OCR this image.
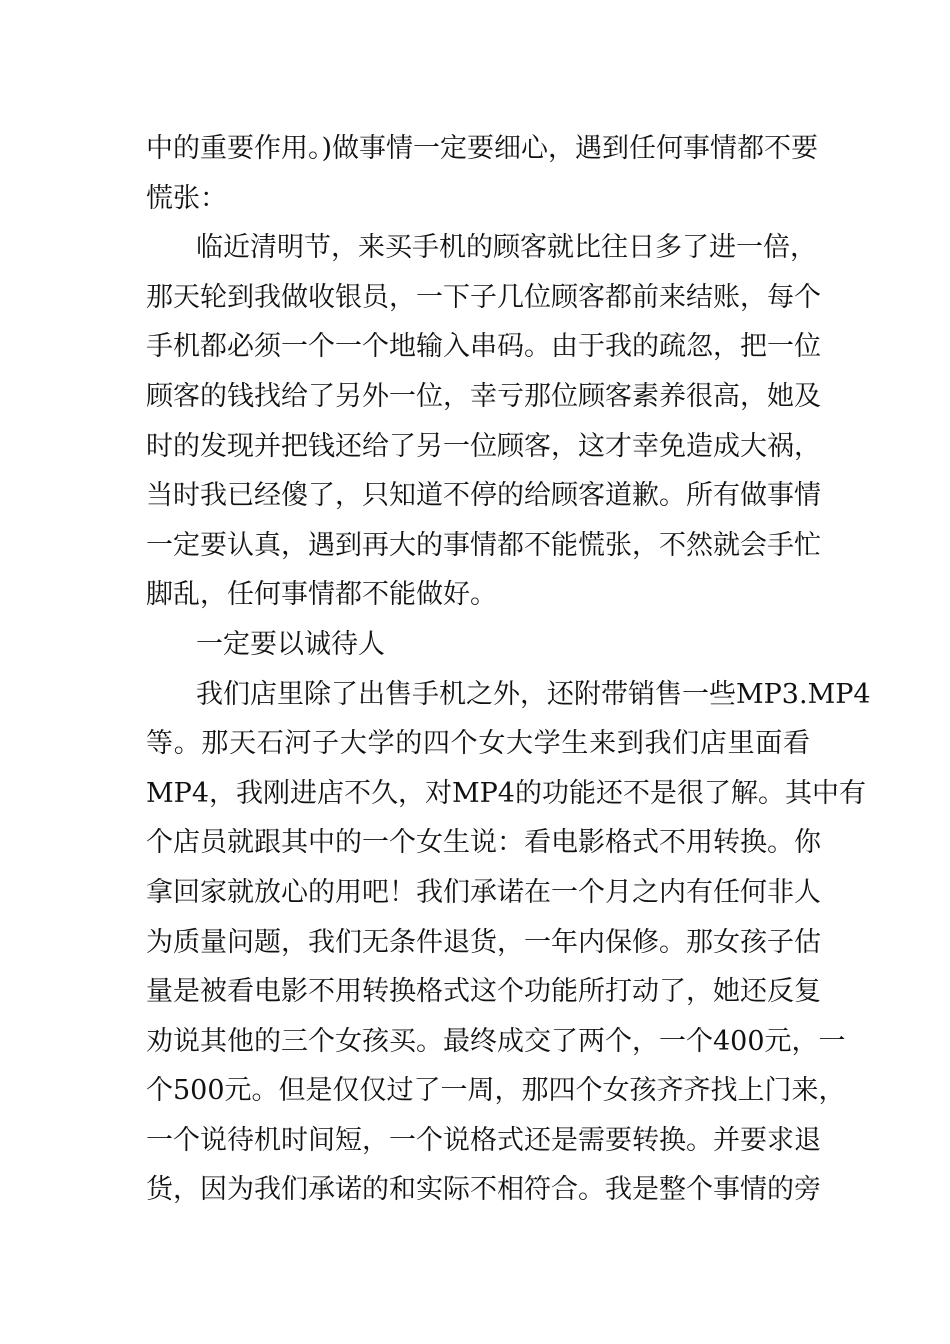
中的重要作用。)做事情一定要细心，遇到任何事情都不要
慌张：
临近清明节，来买手机的顾客就比往日多了进一倍，
那天轮到我做收银员，一下子几位顾客都前来结账，每个
手机都必须一个一个地输入串码。由于我的疏忽，把一位
顾客的钱找给了另外一位，幸亏那位顾客素养很高，她及
时的发现并把钱还给了另一位顾客，这才幸免造成大祸，
当时我已经傻了，只知道不停的给顾客道歉。所有做事情
一定要认真，遇到再大的事情都不能慌张，不然就会手忙
脚乱，任何事情都不能做好。
一定要以诚待人
我们店里除了出售手机之外，还附带销售一些MP3.MP4
等。那天石河子大学的四个女大学生来到我们店里面看
MP4，我刚进店不久，对MP4的功能还不是很了解。其中有
个店员就跟其中的一个女生说：看电影格式不用转换。你
拿回家就放心的用吧！我们承诺在一个月之内有任何非人
为质量问题，我们无条件退货，一年内保修。那女孩子估
量是被看电影不用转换格式这个功能所打动了，她还反复
劝说其他的三个女孩买。最终成交了两个，一个400元，一
个500元。但是仅仅过了一周，那四个女孩齐齐找上门来，
一个说待机时间短，一个说格式还是需要转换。并要求退
货，因为我们承诺的和实际不相符合。我是整个事情的旁
